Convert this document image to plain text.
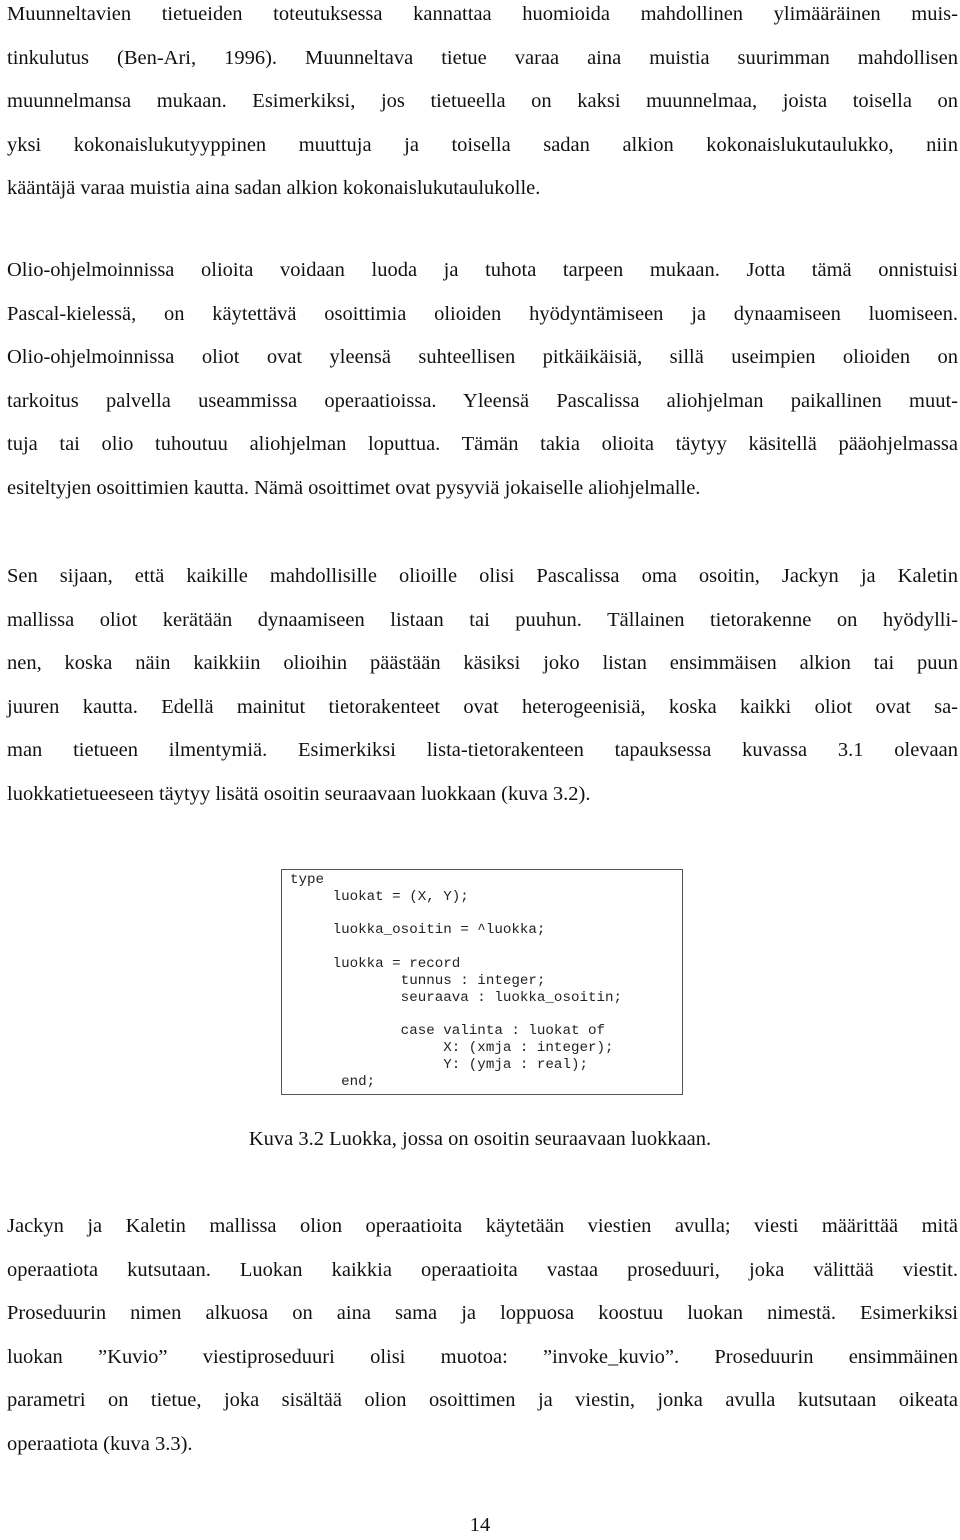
Muunneltavien tietueiden toteutuksessa kannattaa huomioida mahdollinen ylimääräinen muis-
tinkulutus (Ben-Ari, 1996). Muunneltava tietue varaa aina muistia suurimman mahdollisen
muunnelmansa mukaan. Esimerkiksi, jos tietueella on kaksi muunnelmaa, joista toisella on
yksi kokonaislukutyyppinen muuttuja ja toisella sadan alkion kokonaislukutaulukko, niin
kääntäjä varaa muistia aina sadan alkion kokonaislukutaulukolle.
Olio-ohjelmoinnissa olioita voidaan luoda ja tuhota tarpeen mukaan. Jotta tämä onnistuisi
Pascal-kielessä, on käytettävä osoittimia olioiden hyödyntämiseen ja dynaamiseen luomiseen.
Olio-ohjelmoinnissa oliot ovat yleensä suhteellisen pitkäikäisiä, sillä useimpien olioiden on
tarkoitus palvella useammissa operaatioissa. Yleensä Pascalissa aliohjelman paikallinen muut-
tuja tai olio tuhoutuu aliohjelman loputtua. Tämän takia olioita täytyy käsitellä pääohjelmassa
esiteltyjen osoittimien kautta. Nämä osoittimet ovat pysyviä jokaiselle aliohjelmalle.
Sen sijaan, että kaikille mahdollisille olioille olisi Pascalissa oma osoitin, Jackyn ja Kaletin
mallissa oliot kerätään dynaamiseen listaan tai puuhun. Tällainen tietorakenne on hyödylli-
nen, koska näin kaikkiin olioihin päästään käsiksi joko listan ensimmäisen alkion tai puun
juuren kautta. Edellä mainitut tietorakenteet ovat heterogeenisiä, koska kaikki oliot ovat sa-
man tietueen ilmentymiä. Esimerkiksi lista-tietorakenteen tapauksessa kuvassa 3.1 olevaan
luokkatietueeseen täytyy lisätä osoitin seuraavaan luokkaan (kuva 3.2).
type
luokat = (X, Y);

luokka_osoitin = ^luokka;

luokka = record
tunnus : integer;
seuraava : luokka_osoitin;

case valinta : luokat of
X: (xmja : integer);
Y: (ymja : real);
end;

Kuva 3.2 Luokka, jossa on osoitin seuraavaan luokkaan.
Jackyn ja Kaletin mallissa olion operaatioita käytetään viestien avulla; viesti määrittää mitä
operaatiota kutsutaan. Luokan kaikkia operaatioita vastaa proseduuri, joka välittää viestit.
Proseduurin nimen alkuosa on aina sama ja loppuosa koostuu luokan nimestä. Esimerkiksi
luokan ”Kuvio” viestiproseduuri olisi muotoa: ”invoke_kuvio”. Proseduurin ensimmäinen
parametri on tietue, joka sisältää olion osoittimen ja viestin, jonka avulla kutsutaan oikeata
operaatiota (kuva 3.3).
14
